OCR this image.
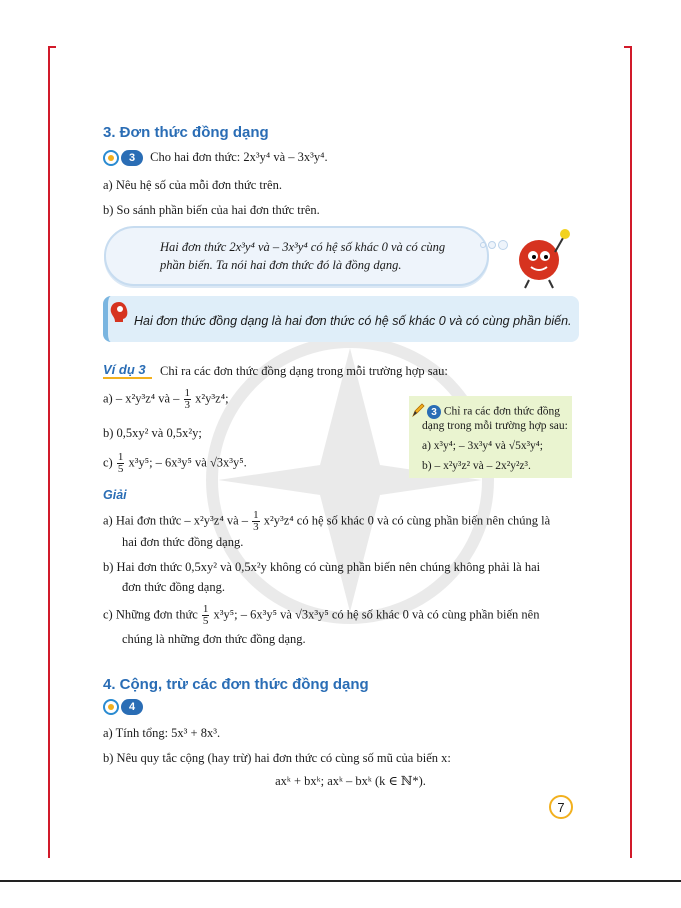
3. Đơn thức đồng dạng
3	Cho hai đơn thức: 2x³y⁴ và – 3x³y⁴.
a) Nêu hệ số của mỗi đơn thức trên.
b) So sánh phần biến của hai đơn thức trên.
Hai đơn thức 2x³y⁴ và – 3x³y⁴ có hệ số khác 0 và có cùng
phần biến. Ta nói hai đơn thức đó là đồng dạng.
Hai đơn thức đồng dạng là hai đơn thức có hệ số khác 0 và có cùng phần biến.
Ví dụ 3	Chỉ ra các đơn thức đồng dạng trong mỗi trường hợp sau:
a) – x²y³z⁴ và – $\frac{1}{3} x^2y^3z^4$;
b) 0,5xy² và 0,5x²y;
$c) \frac{1}{5} x^3y^5$; – 6x³y⁵ và √3x³y⁵.
3 Chỉ ra các đơn thức đồng
dạng trong mỗi trường hợp sau:
a) x³y⁴; – 3x³y⁴ và √5x³y⁴;
b) – x²y³z² và – 2x²y²z³.
Giải
a) Hai đơn thức – x²y³z⁴ và – $\frac{1}{3} x^2y^3z^4$ có hệ số khác 0 và có cùng phần biến nên chúng là
hai đơn thức đồng dạng.
b) Hai đơn thức 0,5xy² và 0,5x²y không có cùng phần biến nên chúng không phải là hai
đơn thức đồng dạng.
c) Những đơn thức $\frac{1}{5} x^3y^5$; – 6x³y⁵ và √3x³y⁵ có hệ số khác 0 và có cùng phần biến nên
chúng là những đơn thức đồng dạng.
4. Cộng, trừ các đơn thức đồng dạng
4
a) Tính tổng: 5x³ + 8x³.
b) Nêu quy tắc cộng (hay trừ) hai đơn thức có cùng số mũ của biến x:
axᵏ + bxᵏ; axᵏ – bxᵏ (k ∈ ℕ*).
7
